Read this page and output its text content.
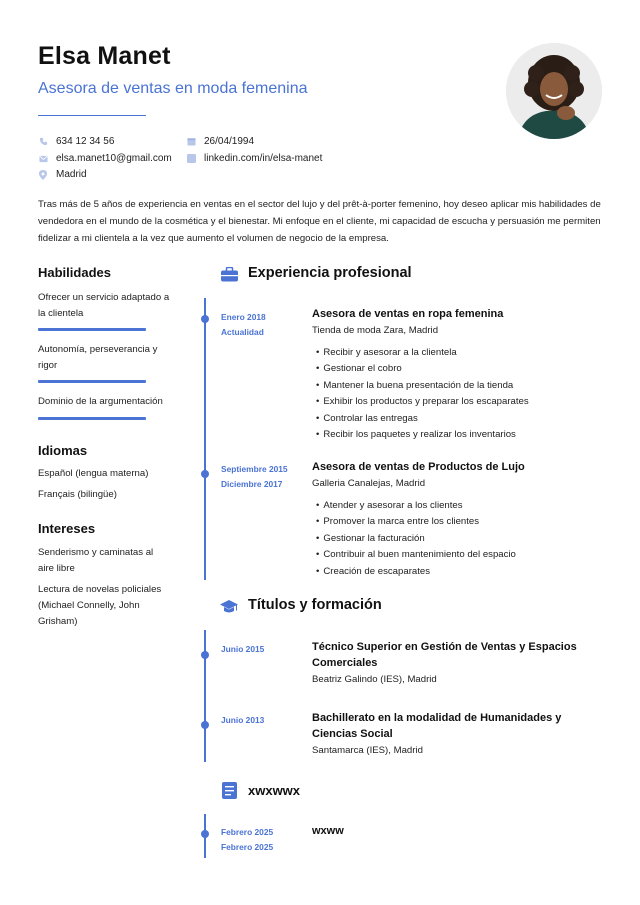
Elsa Manet
Asesora de ventas en moda femenina
634 12 34 56
elsa.manet10@gmail.com
Madrid
26/04/1994
linkedin.com/in/elsa-manet
Tras más de 5 años de experiencia en ventas en el sector del lujo y del prêt-à-porter femenino, hoy deseo aplicar mis habilidades de vendedora en el mundo de la cosmética y el bienestar. Mi enfoque en el cliente, mi capacidad de escucha y persuasión me permiten fidelizar a mi clientela a la vez que aumento el volumen de negocio de la empresa.
Habilidades
Ofrecer un servicio adaptado a la clientela
Autonomía, perseverancia y rigor
Dominio de la argumentación
Idiomas
Español (lengua materna)
Français (bilingüe)
Intereses
Senderismo y caminatas al aire libre
Lectura de novelas policiales (Michael Connelly, John Grisham)
Experiencia profesional
Enero 2018
Actualidad
Asesora de ventas en ropa femenina
Tienda de moda Zara, Madrid
• Recibir y asesorar a la clientela
• Gestionar el cobro
• Mantener la buena presentación de la tienda
• Exhibir los productos y preparar los escaparates
• Controlar las entregas
• Recibir los paquetes y realizar los inventarios
Septiembre 2015
Diciembre 2017
Asesora de ventas de Productos de Lujo
Galleria Canalejas, Madrid
• Atender y asesorar a los clientes
• Promover la marca entre los clientes
• Gestionar la facturación
• Contribuir al buen mantenimiento del espacio
• Creación de escaparates
Títulos y formación
Junio 2015	Técnico Superior en Gestión de Ventas y Espacios Comerciales
Beatriz Galindo (IES), Madrid
Junio 2013	Bachillerato en la modalidad de Humanidades y Ciencias Social
Santamarca (IES), Madrid
xwxwwx
Febrero 2025
Febrero 2025
wxww
